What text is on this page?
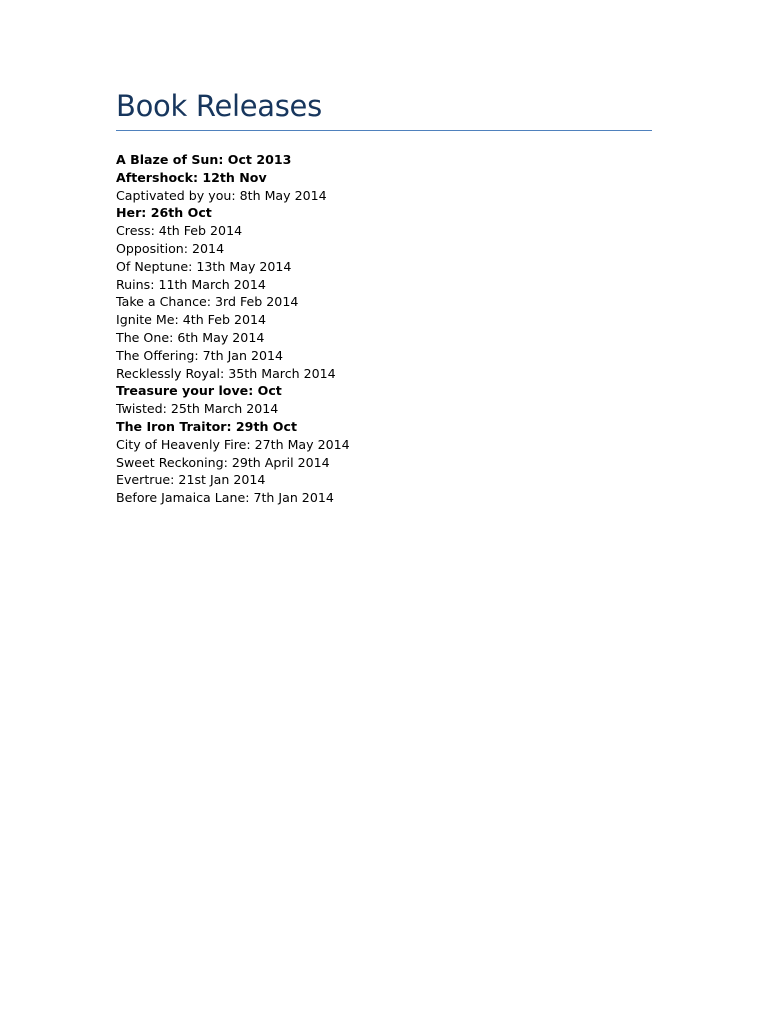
Book Releases
A Blaze of Sun: Oct 2013
Aftershock: 12th Nov
Captivated by you: 8th May 2014
Her: 26th Oct
Cress: 4th Feb 2014
Opposition: 2014
Of Neptune: 13th May 2014
Ruins: 11th March 2014
Take a Chance: 3rd Feb 2014
Ignite Me: 4th Feb 2014
The One: 6th May 2014
The Offering: 7th Jan 2014
Recklessly Royal: 35th March 2014
Treasure your love: Oct
Twisted: 25th March 2014
The Iron Traitor: 29th Oct
City of Heavenly Fire: 27th May 2014
Sweet Reckoning: 29th April 2014
Evertrue: 21st Jan 2014
Before Jamaica Lane: 7th Jan 2014
